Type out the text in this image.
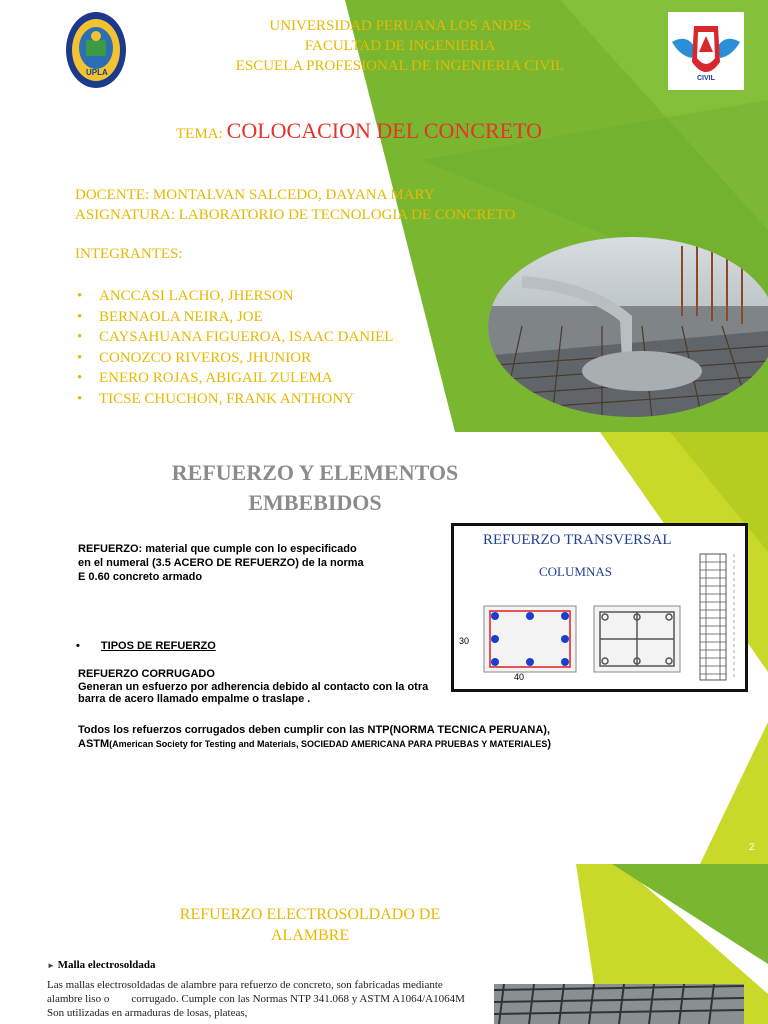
UPLA
CIVIL
UNIVERSIDAD PERUANA LOS ANDES
FACULTAD DE INGENIERIA
ESCUELA PROFESIONAL DE INGENIERIA CIVIL
TEMA: COLOCACION DEL CONCRETO
DOCENTE: MONTALVAN SALCEDO, DAYANA MARY
ASIGNATURA: LABORATORIO DE TECNOLOGIA DE CONCRETO
INTEGRANTES:
• ANCCASI LACHO, JHERSON
• BERNAOLA NEIRA, JOE
• CAYSAHUANA FIGUEROA, ISAAC DANIEL
• CONOZCO RIVEROS, JHUNIOR
• ENERO ROJAS, ABIGAIL ZULEMA
• TICSE CHUCHON, FRANK ANTHONY
REFUERZO Y ELEMENTOS
EMBEBIDOS
REFUERZO: material que cumple con lo especificado en el numeral (3.5 ACERO DE REFUERZO) de la norma E 0.60 concreto armado
• TIPOS DE REFUERZO
REFUERZO CORRUGADO
Generan un esfuerzo por adherencia debido al contacto con la otra barra de acero llamado empalme o traslape .
Todos los refuerzos corrugados deben cumplir con las NTP(NORMA TECNICA PERUANA), ASTM(American Society for Testing and Materials, SOCIEDAD AMERICANA PARA PRUEBAS Y MATERIALES)
REFUERZO TRANSVERSAL
COLUMNAS
30
40
2
REFUERZO ELECTROSOLDADO DE
ALAMBRE
► Malla electrosoldada
Las mallas electrosoldadas de alambre para refuerzo de concreto, son fabricadas mediante alambre liso o        corrugado. Cumple con las Normas NTP 341.068 y ASTM A1064/A1064M Son utilizadas en armaduras de losas, plateas,
